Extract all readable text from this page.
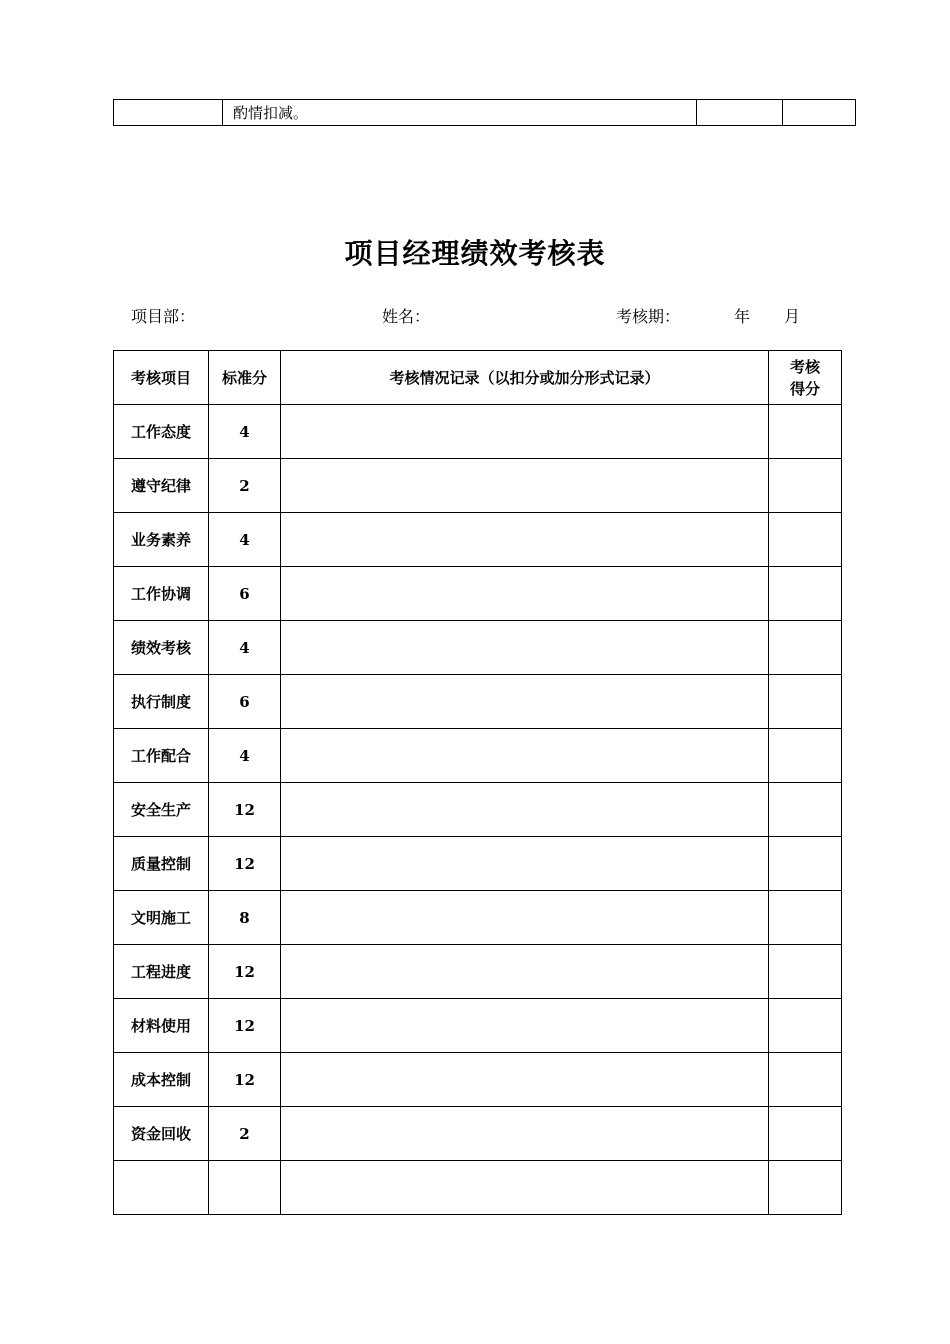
	酌情扣减。		
项目经理绩效考核表
项目部：	姓名：	考核期：	年 月
考核项目	标准分	考核情况记录（以扣分或加分形式记录）	考核
得分

工作态度	4		
遵守纪律	2		
业务素养	4		
工作协调	6		
绩效考核	4		
执行制度	6		
工作配合	4		
安全生产	12		
质量控制	12		
文明施工	8		
工程进度	12		
材料使用	12		
成本控制	12		
资金回收	2		
